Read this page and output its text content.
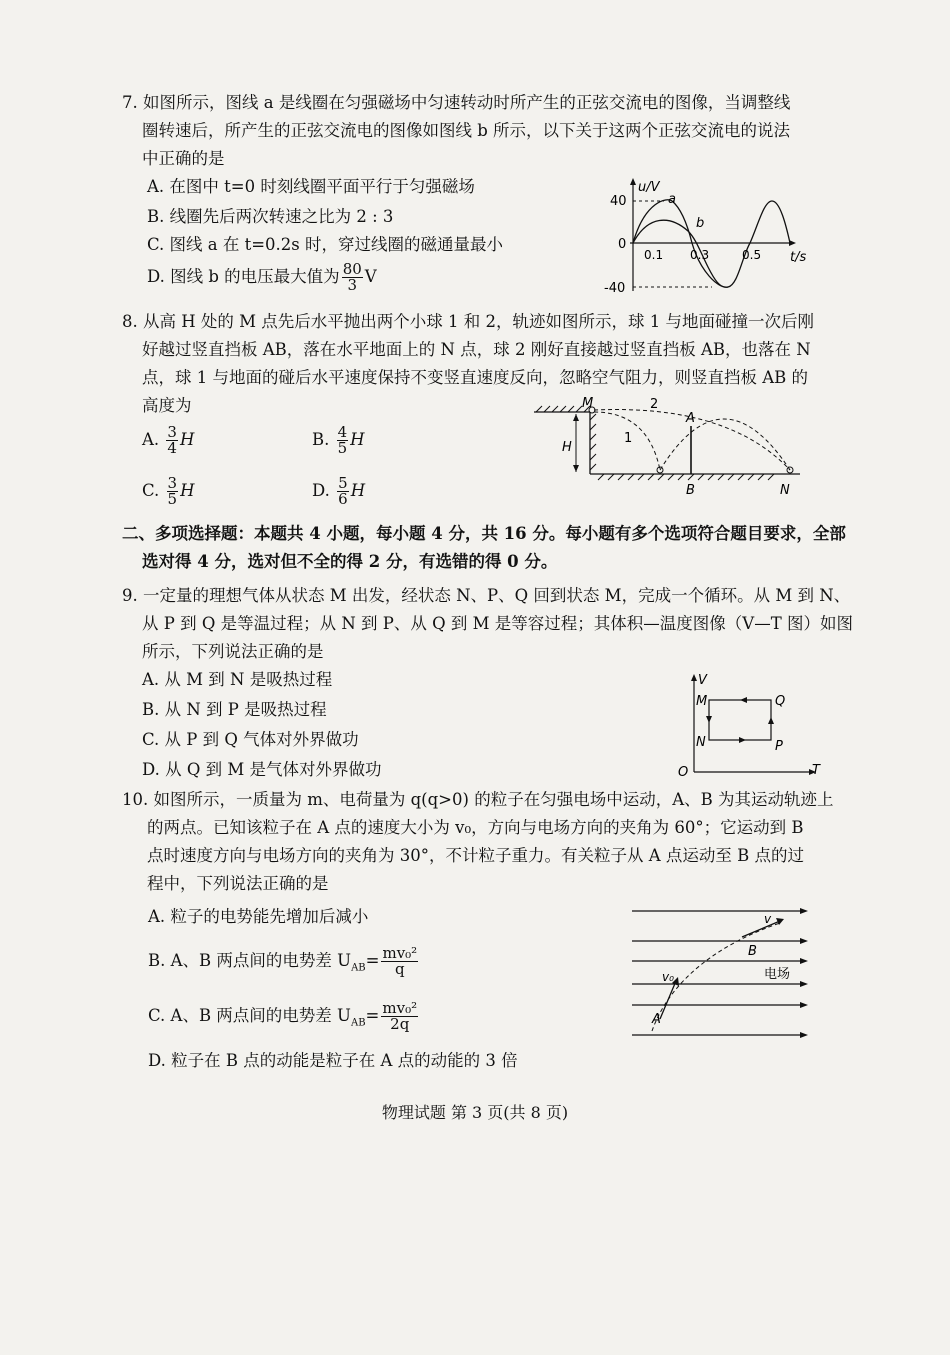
7. 如图所示，图线 a 是线圈在匀强磁场中匀速转动时所产生的正弦交流电的图像，当调整线
圈转速后，所产生的正弦交流电的图像如图线 b 所示，以下关于这两个正弦交流电的说法
中正确的是
A. 在图中 t=0 时刻线圈平面平行于匀强磁场
B. 线圈先后两次转速之比为 2 : 3
C. 图线 a 在 t=0.2s 时，穿过线圈的磁通量最小
D. 图线 b 的电压最大值为 $\frac{80}{3}$ V
u/V
t/s
40
0
-40
a
b
0.1 0.3	0.5
8. 从高 H 处的 M 点先后水平抛出两个小球 1 和 2，轨迹如图所示，球 1 与地面碰撞一次后刚
好越过竖直挡板 AB，落在水平地面上的 N 点，球 2 刚好直接越过竖直挡板 AB，也落在 N
点，球 1 与地面的碰后水平速度保持不变竖直速度反向，忽略空气阻力，则竖直挡板 AB 的
高度为
A. $\frac{3}{4}$ H	B. $\frac{4}{5}$ H
C. $\frac{3}{5}$ H	D. $\frac{5}{6}$ H
H
M
A
B	N
1
2
二、多项选择题：本题共 4 小题，每小题 4 分，共 16 分。每小题有多个选项符合题目要求，全部
选对得 4 分，选对但不全的得 2 分，有选错的得 0 分。
9. 一定量的理想气体从状态 M 出发，经状态 N、P、Q 回到状态 M，完成一个循环。从 M 到 N、
从 P 到 Q 是等温过程；从 N 到 P、从 Q 到 M 是等容过程；其体积—温度图像（V—T 图）如图
所示，下列说法正确的是
A. 从 M 到 N 是吸热过程
B. 从 N 到 P 是吸热过程
C. 从 P 到 Q 气体对外界做功
D. 从 Q 到 M 是气体对外界做功
V
T
O
M	Q
N	P
10. 如图所示，一质量为 m、电荷量为 q(q>0) 的粒子在匀强电场中运动，A、B 为其运动轨迹上
的两点。已知该粒子在 A 点的速度大小为 v₀，方向与电场方向的夹角为 60°；它运动到 B
点时速度方向与电场方向的夹角为 30°，不计粒子重力。有关粒子从 A 点运动至 B 点的过
程中，下列说法正确的是
A. 粒子的电势能先增加后减小
B. A、B 两点间的电势差 $U_{AB}= \frac{\text{mv₀²}}{q}$
C. A、B 两点间的电势差 $U_{AB}= \frac{\text{mv₀²}}{2q}$
D. 粒子在 B 点的动能是粒子在 A 点的动能的 3 倍
v
B
v₀
A
电场
物理试题 第 3 页(共 8 页)
